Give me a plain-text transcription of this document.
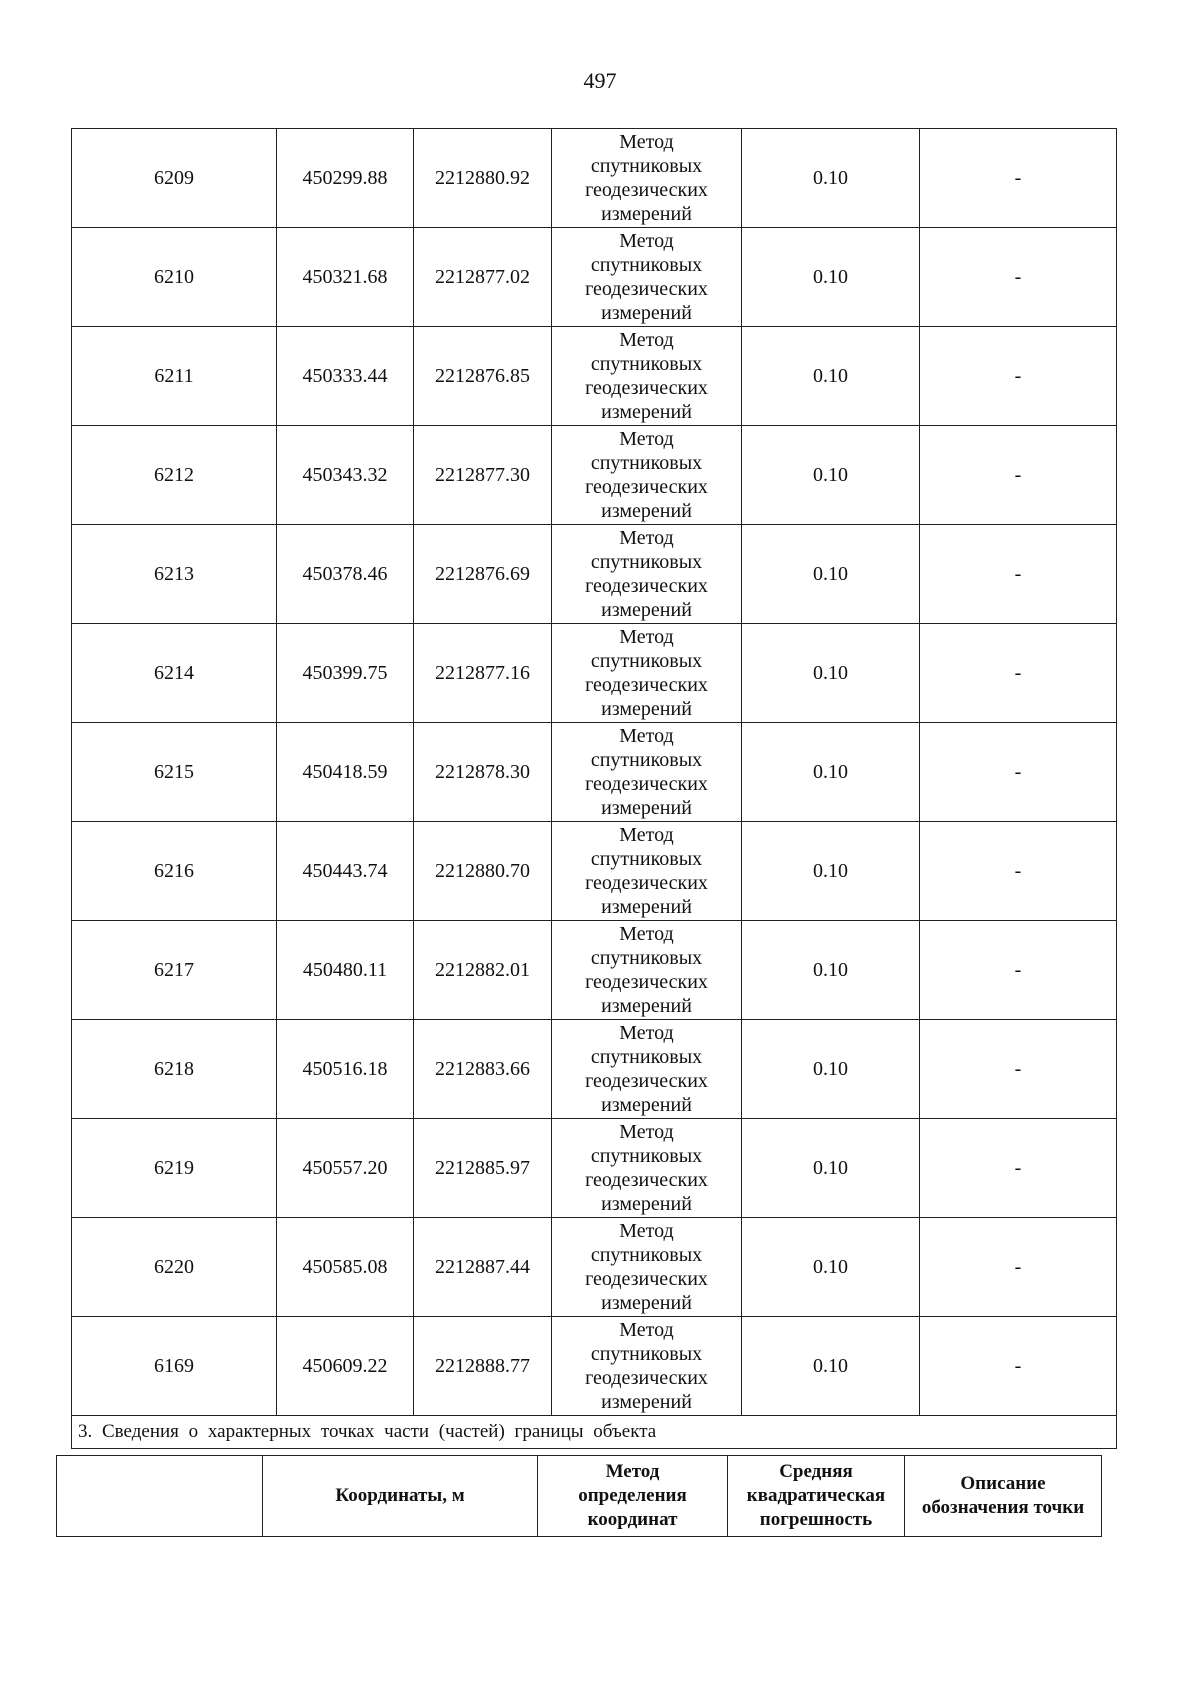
497
6209	450299.88	2212880.92	Метод
спутниковых
геодезических
измерений	0.10	-
6210	450321.68	2212877.02	Метод
спутниковых
геодезических
измерений	0.10	-
6211	450333.44	2212876.85	Метод
спутниковых
геодезических
измерений	0.10	-
6212	450343.32	2212877.30	Метод
спутниковых
геодезических
измерений	0.10	-
6213	450378.46	2212876.69	Метод
спутниковых
геодезических
измерений	0.10	-
6214	450399.75	2212877.16	Метод
спутниковых
геодезических
измерений	0.10	-
6215	450418.59	2212878.30	Метод
спутниковых
геодезических
измерений	0.10	-
6216	450443.74	2212880.70	Метод
спутниковых
геодезических
измерений	0.10	-
6217	450480.11	2212882.01	Метод
спутниковых
геодезических
измерений	0.10	-
6218	450516.18	2212883.66	Метод
спутниковых
геодезических
измерений	0.10	-
6219	450557.20	2212885.97	Метод
спутниковых
геодезических
измерений	0.10	-
6220	450585.08	2212887.44	Метод
спутниковых
геодезических
измерений	0.10	-
6169	450609.22	2212888.77	Метод
спутниковых
геодезических
измерений	0.10	-
3. Сведения о характерных точках части (частей) границы объекта					
	Координаты, м	
Метод
определения
координат

Средняя
квадратическая
погрешность

Описание
обозначения точки
